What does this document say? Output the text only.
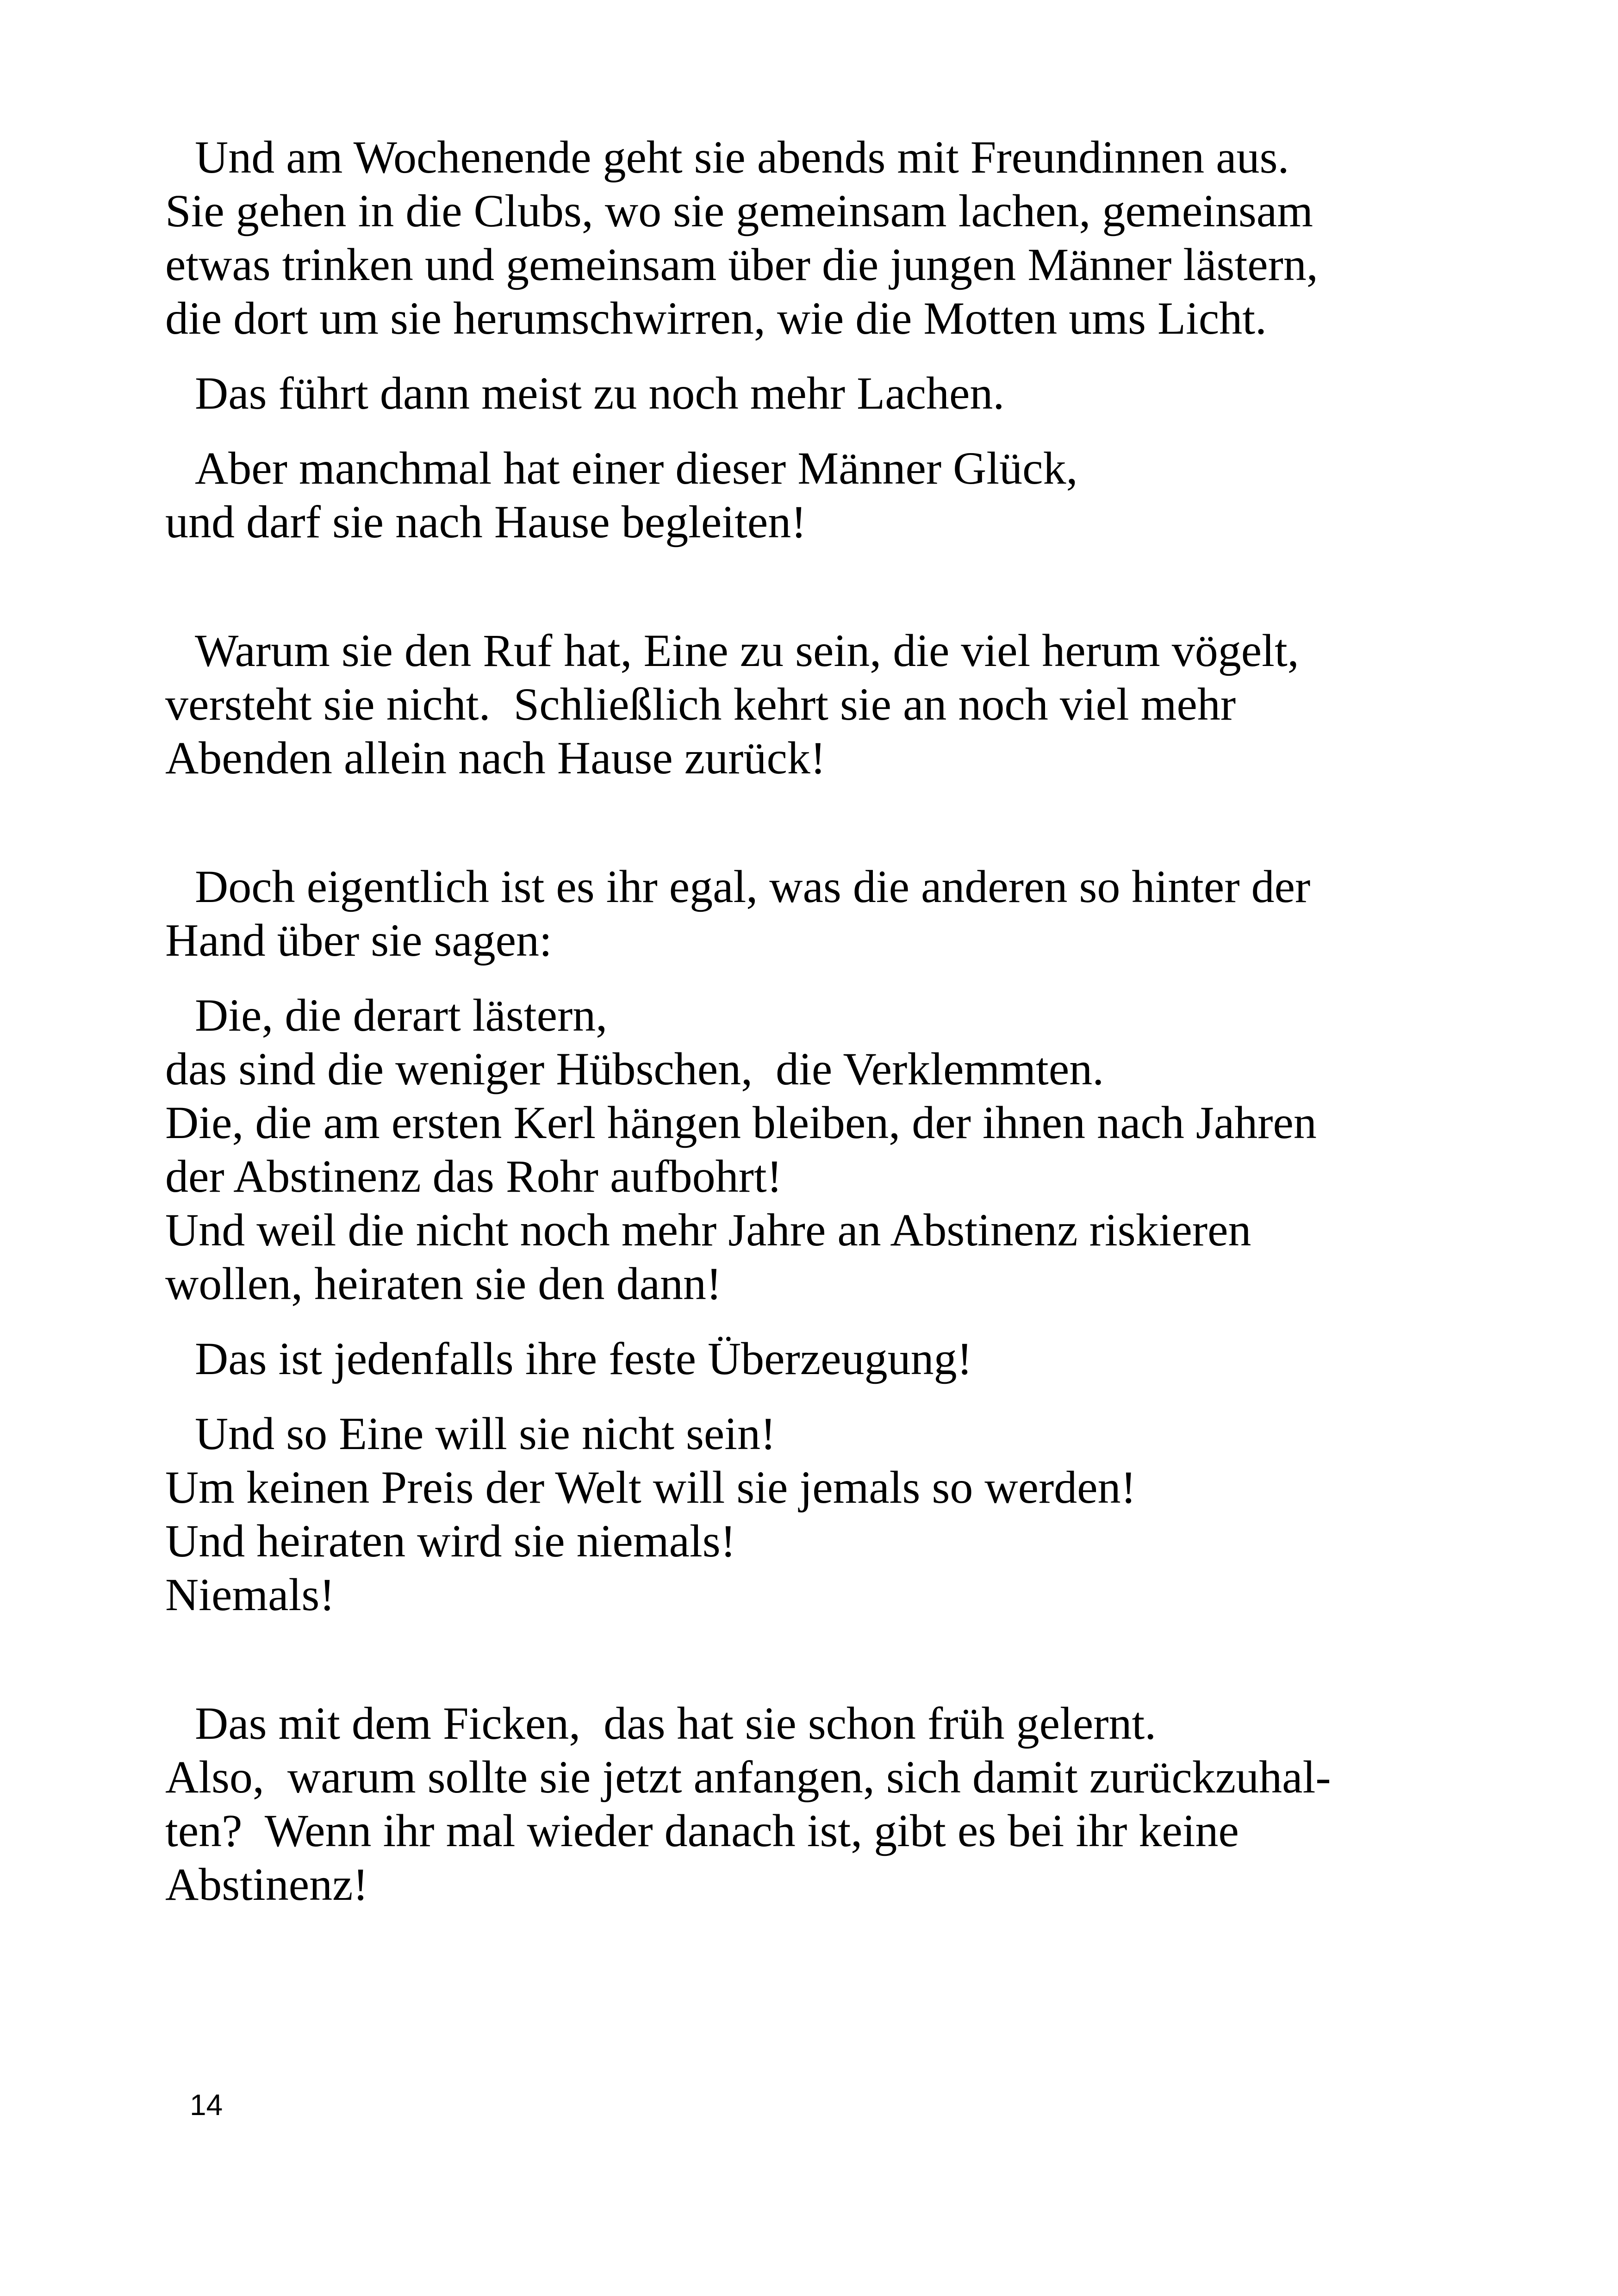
Und am Wochenende geht sie abends mit Freundinnen aus.
Sie gehen in die Clubs, wo sie gemeinsam lachen, gemeinsam
etwas trinken und gemeinsam über die jungen Männer lästern,
die dort um sie herumschwirren, wie die Motten ums Licht.

Das führt dann meist zu noch mehr Lachen.

Aber manchmal hat einer dieser Männer Glück,
und darf sie nach Hause begleiten!

Warum sie den Ruf hat, Eine zu sein, die viel herum vögelt,
versteht sie nicht.  Schließlich kehrt sie an noch viel mehr
Abenden allein nach Hause zurück!

Doch eigentlich ist es ihr egal, was die anderen so hinter der
Hand über sie sagen:

Die, die derart lästern,
das sind die weniger Hübschen,  die Verklemmten.
Die, die am ersten Kerl hängen bleiben, der ihnen nach Jahren
der Abstinenz das Rohr aufbohrt!
Und weil die nicht noch mehr Jahre an Abstinenz riskieren
wollen, heiraten sie den dann!

Das ist jedenfalls ihre feste Überzeugung!

Und so Eine will sie nicht sein!
Um keinen Preis der Welt will sie jemals so werden!
Und heiraten wird sie niemals!
Niemals!

Das mit dem Ficken,  das hat sie schon früh gelernt.
Also,  warum sollte sie jetzt anfangen, sich damit zurückzuhal-
ten?  Wenn ihr mal wieder danach ist, gibt es bei ihr keine
Abstinenz!

14
